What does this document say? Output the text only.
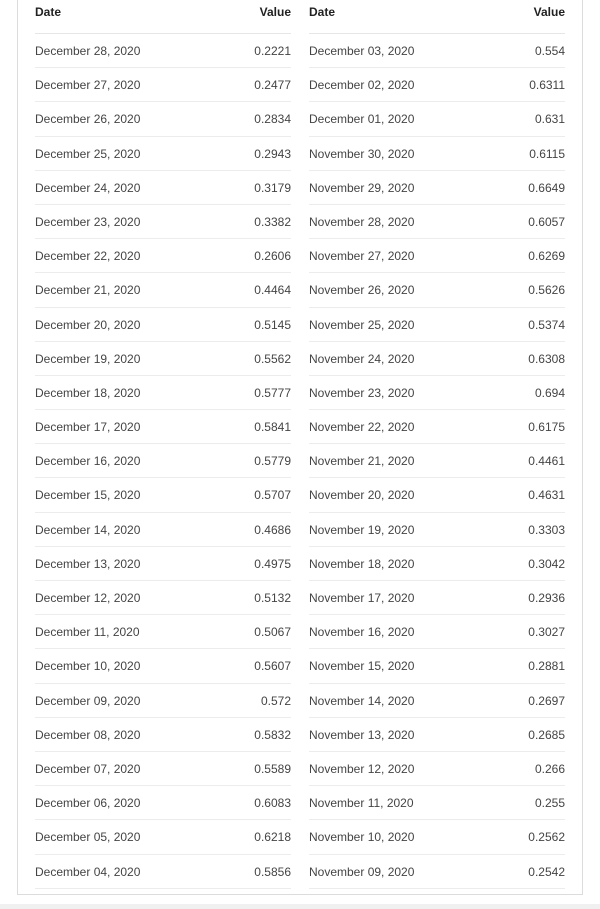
Date	Value
December 28, 2020	0.2221
December 27, 2020	0.2477
December 26, 2020	0.2834
December 25, 2020	0.2943
December 24, 2020	0.3179
December 23, 2020	0.3382
December 22, 2020	0.2606
December 21, 2020	0.4464
December 20, 2020	0.5145
December 19, 2020	0.5562
December 18, 2020	0.5777
December 17, 2020	0.5841
December 16, 2020	0.5779
December 15, 2020	0.5707
December 14, 2020	0.4686
December 13, 2020	0.4975
December 12, 2020	0.5132
December 11, 2020	0.5067
December 10, 2020	0.5607
December 09, 2020	0.572
December 08, 2020	0.5832
December 07, 2020	0.5589
December 06, 2020	0.6083
December 05, 2020	0.6218
December 04, 2020	0.5856
Date	Value
December 03, 2020	0.554
December 02, 2020	0.6311
December 01, 2020	0.631
November 30, 2020	0.6115
November 29, 2020	0.6649
November 28, 2020	0.6057
November 27, 2020	0.6269
November 26, 2020	0.5626
November 25, 2020	0.5374
November 24, 2020	0.6308
November 23, 2020	0.694
November 22, 2020	0.6175
November 21, 2020	0.4461
November 20, 2020	0.4631
November 19, 2020	0.3303
November 18, 2020	0.3042
November 17, 2020	0.2936
November 16, 2020	0.3027
November 15, 2020	0.2881
November 14, 2020	0.2697
November 13, 2020	0.2685
November 12, 2020	0.266
November 11, 2020	0.255
November 10, 2020	0.2562
November 09, 2020	0.2542
